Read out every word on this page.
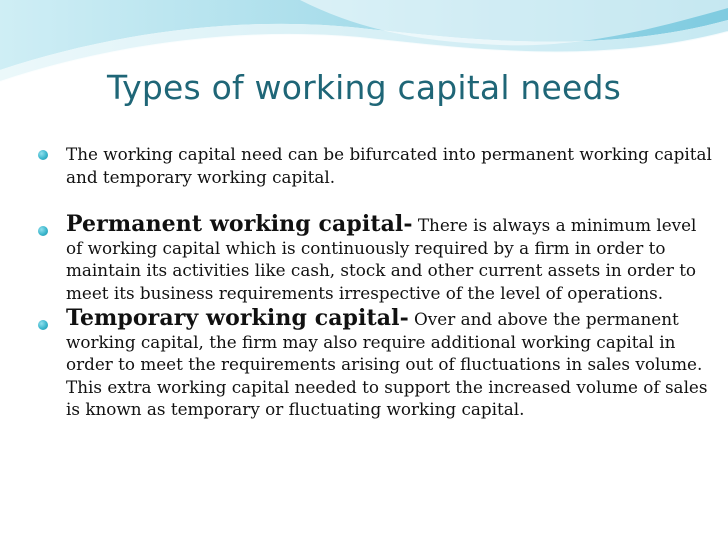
Types of working capital needs
The working capital need can be bifurcated into permanent working capital and temporary working capital.
Permanent working capital- There is always a minimum level of working capital which is continuously required by a firm in order to maintain its activities like cash, stock and other current assets in order to meet its business requirements irrespective of the level of operations.
Temporary working capital- Over and above the permanent working capital, the firm may also require additional working capital in order to meet the requirements arising out of fluctuations in sales volume. This extra working capital needed to support the increased volume of sales is known as temporary or fluctuating working capital.
